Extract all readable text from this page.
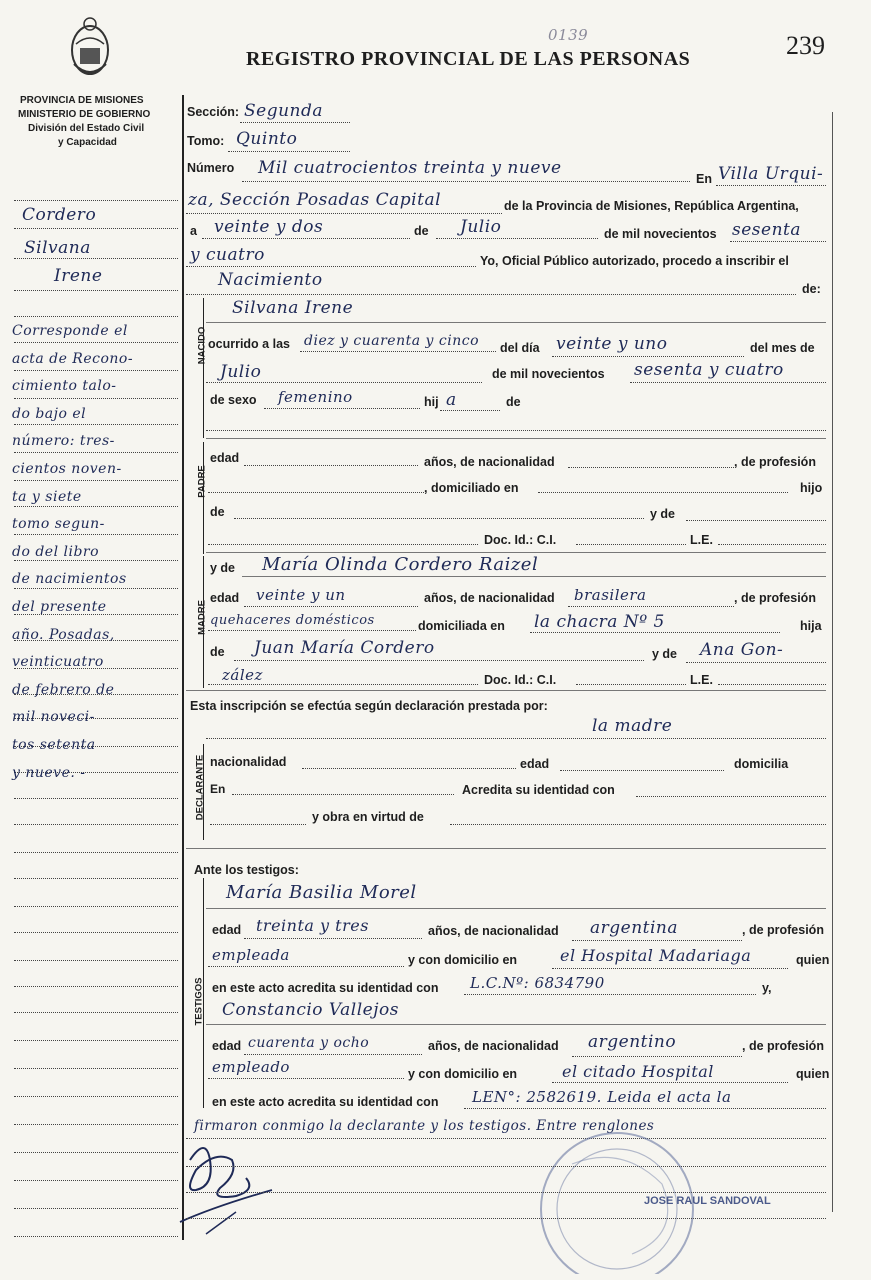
REGISTRO PROVINCIAL DE LAS PERSONAS	239
0139
PROVINCIA DE MISIONES
MINISTERIO DE GOBIERNO
División del Estado Civil
y Capacidad
Cordero
Silvana
Irene
Sección: Segunda
Tomo: Quinto
Número Mil cuatrocientos treinta y nueve
En Villa Urqui-
za, Sección Posadas Capital	de la Provincia de Misiones, República Argentina,
a veinte y dos	de Julio	de mil novecientos sesenta
y cuatro	Yo, Oficial Público autorizado, procedo a inscribir el
Nacimiento	de:
NACIDO
Silvana Irene
ocurrido a las diez y cuarenta y cinco del día veinte y uno	del mes de
Julio	de mil novecientos sesenta y cuatro
de sexo femenino	hij a	de
PADRE
edad	años, de nacionalidad	, de profesión
, domiciliado en	hijo
de	y de
Doc. Id.: C.I.	L.E.
MADRE
y de María Olinda Cordero Raizel
edad veinte y un	años, de nacionalidad brasilera	, de profesión
quehaceres domésticos	domiciliada en la chacra Nº 5	hija
de Juan María Cordero	y de Ana Gon-
zález	Doc. Id.: C.I.	L.E.
Esta inscripción se efectúa según declaración prestada por:
la madre
DECLARANTE nacionalidad	edad	domicilia
En	Acredita su identidad con
y obra en virtud de
Ante los testigos:
TESTIGOS
María Basilia Morel
edad treinta y tres	años, de nacionalidad argentina	, de profesión
empleada	y con domicilio en	el Hospital Madariaga	quien
en este acto acredita su identidad con L.C.Nº: 6834790	y,
Constancio Vallejos
edad cuarenta y ocho	años, de nacionalidad argentino	, de profesión
empleado	y con domicilio en	el citado Hospital	quien
en este acto acredita su identidad con LEN°: 2582619. Leida el acta la
firmaron conmigo la declarante y los testigos. Entre renglones
JOSE RAUL SANDOVAL
Corresponde el
acta de Recono-
cimiento talo-
do bajo el
número: tres-
cientos noven-
ta y siete
tomo segun-
do del libro
de nacimientos
del presente
año. Posadas,
veinticuatro
de febrero de
mil noveci-
tos setenta
y nueve. -
